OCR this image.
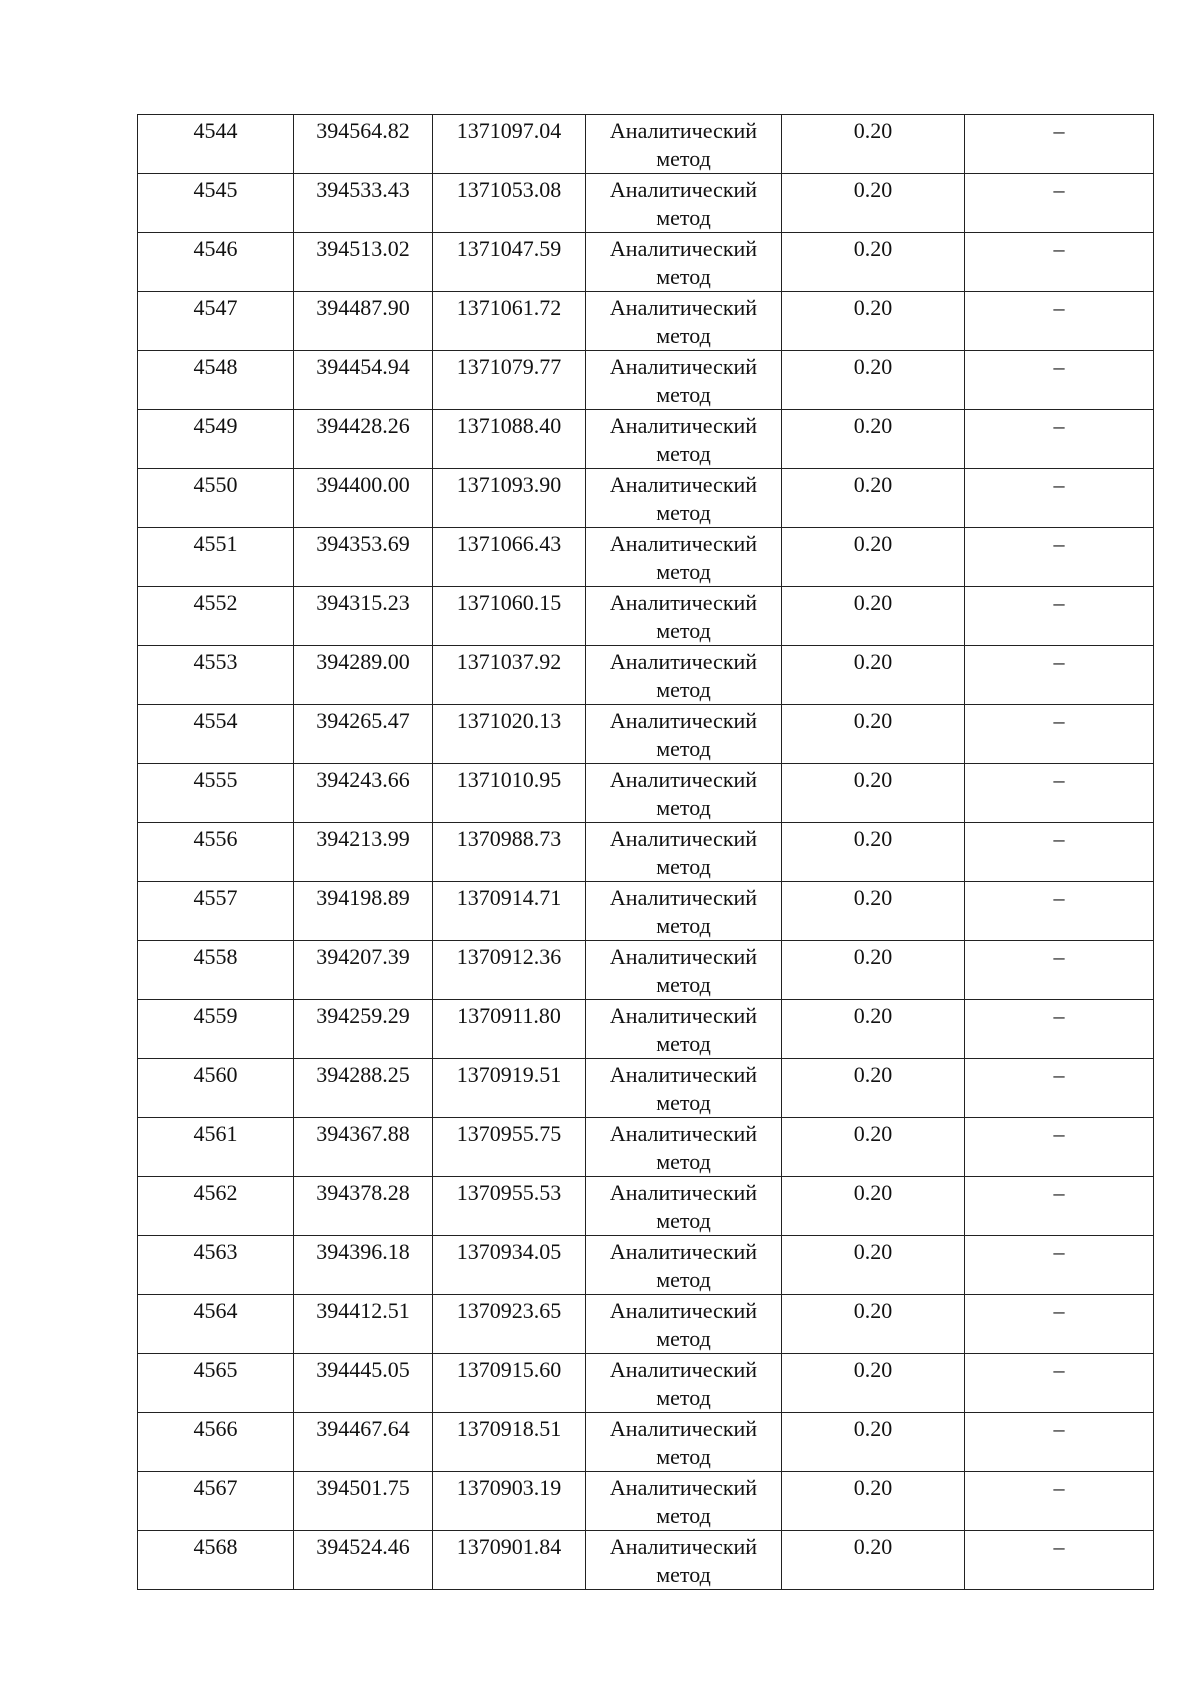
4544	394564.82	1371097.04	Аналитический метод	0.20	–

4545	394533.43	1371053.08	Аналитический метод	0.20	–

4546	394513.02	1371047.59	Аналитический метод	0.20	–

4547	394487.90	1371061.72	Аналитический метод	0.20	–

4548	394454.94	1371079.77	Аналитический метод	0.20	–

4549	394428.26	1371088.40	Аналитический метод	0.20	–

4550	394400.00	1371093.90	Аналитический метод	0.20	–

4551	394353.69	1371066.43	Аналитический метод	0.20	–

4552	394315.23	1371060.15	Аналитический метод	0.20	–

4553	394289.00	1371037.92	Аналитический метод	0.20	–

4554	394265.47	1371020.13	Аналитический метод	0.20	–

4555	394243.66	1371010.95	Аналитический метод	0.20	–

4556	394213.99	1370988.73	Аналитический метод	0.20	–

4557	394198.89	1370914.71	Аналитический метод	0.20	–

4558	394207.39	1370912.36	Аналитический метод	0.20	–

4559	394259.29	1370911.80	Аналитический метод	0.20	–

4560	394288.25	1370919.51	Аналитический метод	0.20	–

4561	394367.88	1370955.75	Аналитический метод	0.20	–

4562	394378.28	1370955.53	Аналитический метод	0.20	–

4563	394396.18	1370934.05	Аналитический метод	0.20	–

4564	394412.51	1370923.65	Аналитический метод	0.20	–

4565	394445.05	1370915.60	Аналитический метод	0.20	–

4566	394467.64	1370918.51	Аналитический метод	0.20	–

4567	394501.75	1370903.19	Аналитический метод	0.20	–

4568	394524.46	1370901.84	Аналитический метод	0.20	–
